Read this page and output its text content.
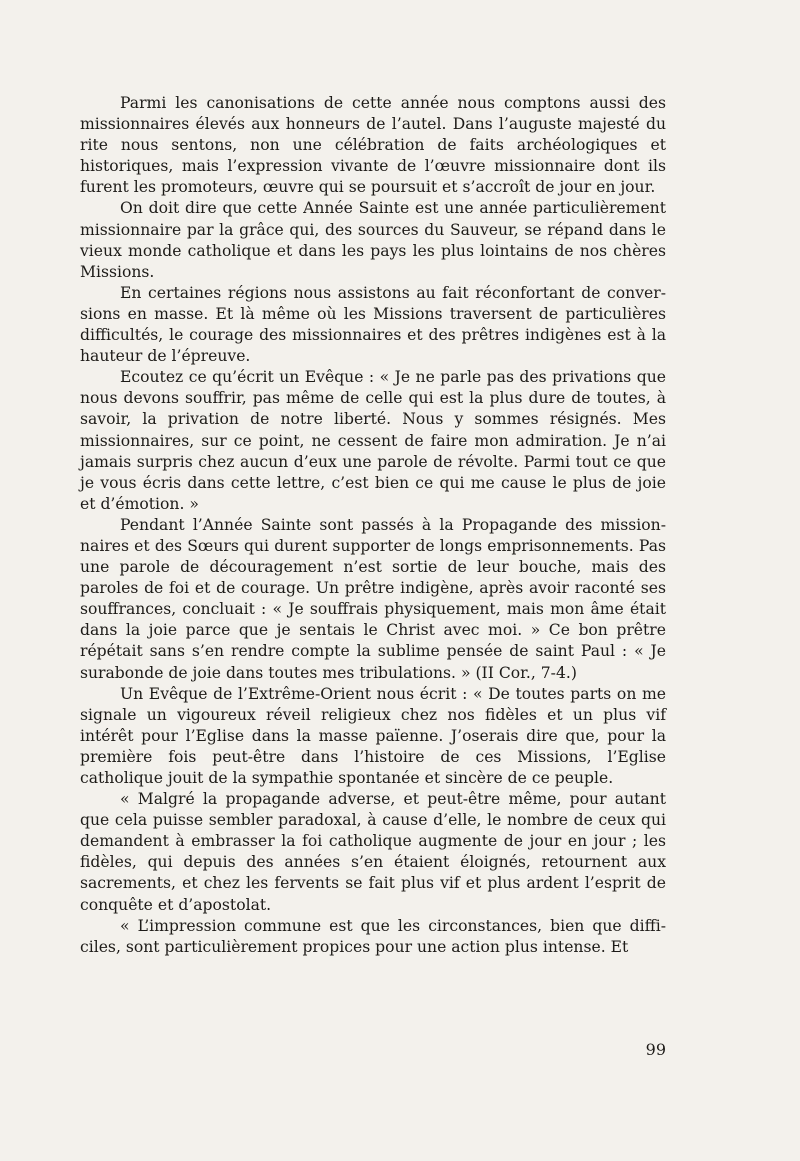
Parmi les canonisations de cette année nous comptons aussi des missionnaires élevés aux honneurs de l’autel. Dans l’auguste majesté du rite nous sentons, non une célébration de faits archéologiques et historiques, mais l’expression vivante de l’œuvre missionnaire dont ils furent les promoteurs, œuvre qui se poursuit et s’accroît de jour en jour.

On doit dire que cette Année Sainte est une année particulièrement missionnaire par la grâce qui, des sources du Sauveur, se répand dans le vieux monde catholique et dans les pays les plus lointains de nos chères Missions.

En certaines régions nous assistons au fait réconfortant de conversions en masse. Et là même où les Missions traversent de particulières difficultés, le courage des missionnaires et des prêtres indigènes est à la hauteur de l’épreuve.

Ecoutez ce qu’écrit un Evêque : « Je ne parle pas des privations que nous devons souffrir, pas même de celle qui est la plus dure de toutes, à savoir, la privation de notre liberté. Nous y sommes résignés. Mes missionnaires, sur ce point, ne cessent de faire mon admiration. Je n’ai jamais surpris chez aucun d’eux une parole de révolte. Parmi tout ce que je vous écris dans cette lettre, c’est bien ce qui me cause le plus de joie et d’émotion. »

Pendant l’Année Sainte sont passés à la Propagande des missionnaires et des Sœurs qui durent supporter de longs emprisonnements. Pas une parole de découragement n’est sortie de leur bouche, mais des paroles de foi et de courage. Un prêtre indigène, après avoir raconté ses souffrances, concluait : « Je souffrais physiquement, mais mon âme était dans la joie parce que je sentais le Christ avec moi. » Ce bon prêtre répétait sans s’en rendre compte la sublime pensée de saint Paul : « Je surabonde de joie dans toutes mes tribulations. » (II Cor., 7-4.)

Un Evêque de l’Extrême-Orient nous écrit : « De toutes parts on me signale un vigoureux réveil religieux chez nos fidèles et un plus vif intérêt pour l’Eglise dans la masse païenne. J’oserais dire que, pour la première fois peut-être dans l’histoire de ces Missions, l’Eglise catholique jouit de la sympathie spontanée et sincère de ce peuple.

« Malgré la propagande adverse, et peut-être même, pour autant que cela puisse sembler paradoxal, à cause d’elle, le nombre de ceux qui demandent à embrasser la foi catholique augmente de jour en jour ; les fidèles, qui depuis des années s’en étaient éloignés, retournent aux sacrements, et chez les fervents se fait plus vif et plus ardent l’esprit de conquête et d’apostolat.

« L’impression commune est que les circonstances, bien que difficiles, sont particulièrement propices pour une action plus intense. Et

99
